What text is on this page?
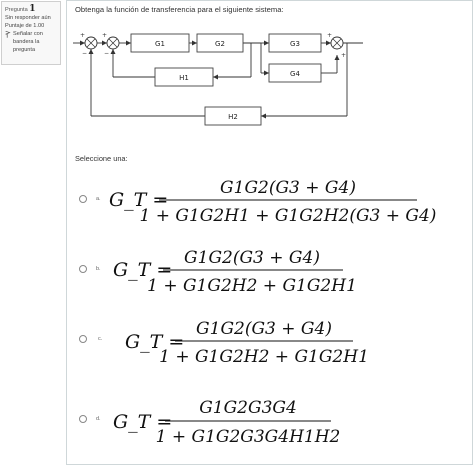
Pregunta 1
Sin responder aún
Puntaje de 1.00
Señalar con bandera la pregunta
Obtenga la función de transferencia para el siguiente sistema:
+
−	−
+	+
+
G1	G2	G3
G4
H1
H2
Seleccione una:
a. G_T =
G1G2(G3 + G4)
1 + G1G2H1 + G1G2H2(G3 + G4)
b. G_T =
G1G2(G3 + G4)
1 + G1G2H2 + G1G2H1
c. G_T =
G1G2(G3 + G4)
1 + G1G2H2 + G1G2H1
d. G_T =
G1G2G3G4
1 + G1G2G3G4H1H2
